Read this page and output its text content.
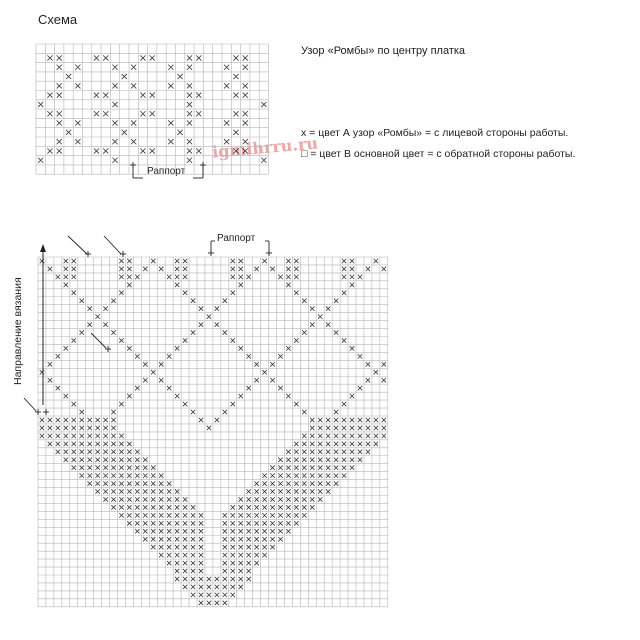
Схема
Узор «Ромбы» по центру платка
х = цвет А узор «Ромбы» = с лицевой стороны работы.
□ = цвет В основной цвет = с обратной стороны работы.
Раппорт
Раппорт
Направление вязания
igmihrru.ru
